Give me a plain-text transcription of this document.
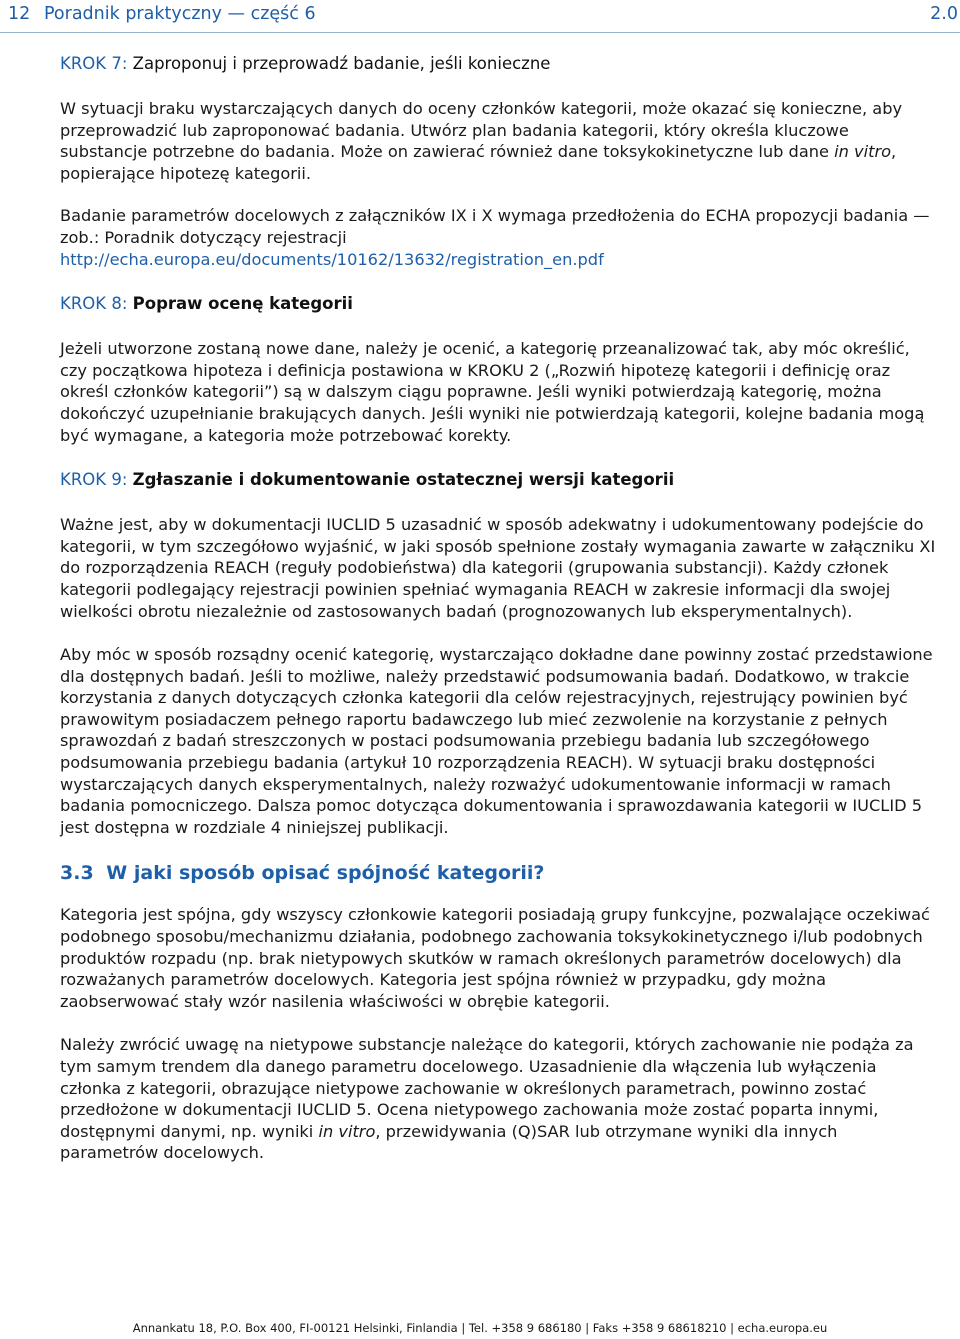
12 Poradnik praktyczny — część 6	2.0
KROK 7: Zaproponuj i przeprowadź badanie, jeśli konieczne

W sytuacji braku wystarczających danych do oceny członków kategorii, może okazać się konieczne, aby przeprowadzić lub zaproponować badania. Utwórz plan badania kategorii, który określa kluczowe substancje potrzebne do badania. Może on zawierać również dane toksykokinetyczne lub dane in vitro, popierające hipotezę kategorii.

Badanie parametrów docelowych z załączników IX i X wymaga przedłożenia do ECHA propozycji badania — zob.: Poradnik dotyczący rejestracji
http://echa.europa.eu/documents/10162/13632/registration_en.pdf

KROK 8: Popraw ocenę kategorii

Jeżeli utworzone zostaną nowe dane, należy je ocenić, a kategorię przeanalizować tak, aby móc określić, czy początkowa hipoteza i definicja postawiona w KROKU 2 („Rozwiń hipotezę kategorii i definicję oraz określ członków kategorii”) są w dalszym ciągu poprawne. Jeśli wyniki potwierdzają kategorię, można dokończyć uzupełnianie brakujących danych. Jeśli wyniki nie potwierdzają kategorii, kolejne badania mogą być wymagane, a kategoria może potrzebować korekty.

KROK 9: Zgłaszanie i dokumentowanie ostatecznej wersji kategorii

Ważne jest, aby w dokumentacji IUCLID 5 uzasadnić w sposób adekwatny i udokumentowany podejście do kategorii, w tym szczegółowo wyjaśnić, w jaki sposób spełnione zostały wymagania zawarte w załączniku XI do rozporządzenia REACH (reguły podobieństwa) dla kategorii (grupowania substancji). Każdy członek kategorii podlegający rejestracji powinien spełniać wymagania REACH w zakresie informacji dla swojej wielkości obrotu niezależnie od zastosowanych badań (prognozowanych lub eksperymentalnych).

Aby móc w sposób rozsądny ocenić kategorię, wystarczająco dokładne dane powinny zostać przedstawione dla dostępnych badań. Jeśli to możliwe, należy przedstawić podsumowania badań. Dodatkowo, w trakcie korzystania z danych dotyczących członka kategorii dla celów rejestracyjnych, rejestrujący powinien być prawowitym posiadaczem pełnego raportu badawczego lub mieć zezwolenie na korzystanie z pełnych sprawozdań z badań streszczonych w postaci podsumowania przebiegu badania lub szczegółowego podsumowania przebiegu badania (artykuł 10 rozporządzenia REACH). W sytuacji braku dostępności wystarczających danych eksperymentalnych, należy rozważyć udokumentowanie informacji w ramach badania pomocniczego. Dalsza pomoc dotycząca dokumentowania i sprawozdawania kategorii w IUCLID 5 jest dostępna w rozdziale 4 niniejszej publikacji.

3.3 W jaki sposób opisać spójność kategorii?

Kategoria jest spójna, gdy wszyscy członkowie kategorii posiadają grupy funkcyjne, pozwalające oczekiwać podobnego sposobu/mechanizmu działania, podobnego zachowania toksykokinetycznego i/lub podobnych produktów rozpadu (np. brak nietypowych skutków w ramach określonych parametrów docelowych) dla rozważanych parametrów docelowych. Kategoria jest spójna również w przypadku, gdy można zaobserwować stały wzór nasilenia właściwości w obrębie kategorii.

Należy zwrócić uwagę na nietypowe substancje należące do kategorii, których zachowanie nie podąża za tym samym trendem dla danego parametru docelowego. Uzasadnienie dla włączenia lub wyłączenia członka z kategorii, obrazujące nietypowe zachowanie w określonych parametrach, powinno zostać przedłożone w dokumentacji IUCLID 5. Ocena nietypowego zachowania może zostać poparta innymi, dostępnymi danymi, np. wyniki in vitro, przewidywania (Q)SAR lub otrzymane wyniki dla innych parametrów docelowych.

Annankatu 18, P.O. Box 400, FI-00121 Helsinki, Finlandia | Tel. +358 9 686180 | Faks +358 9 68618210 | echa.europa.eu
